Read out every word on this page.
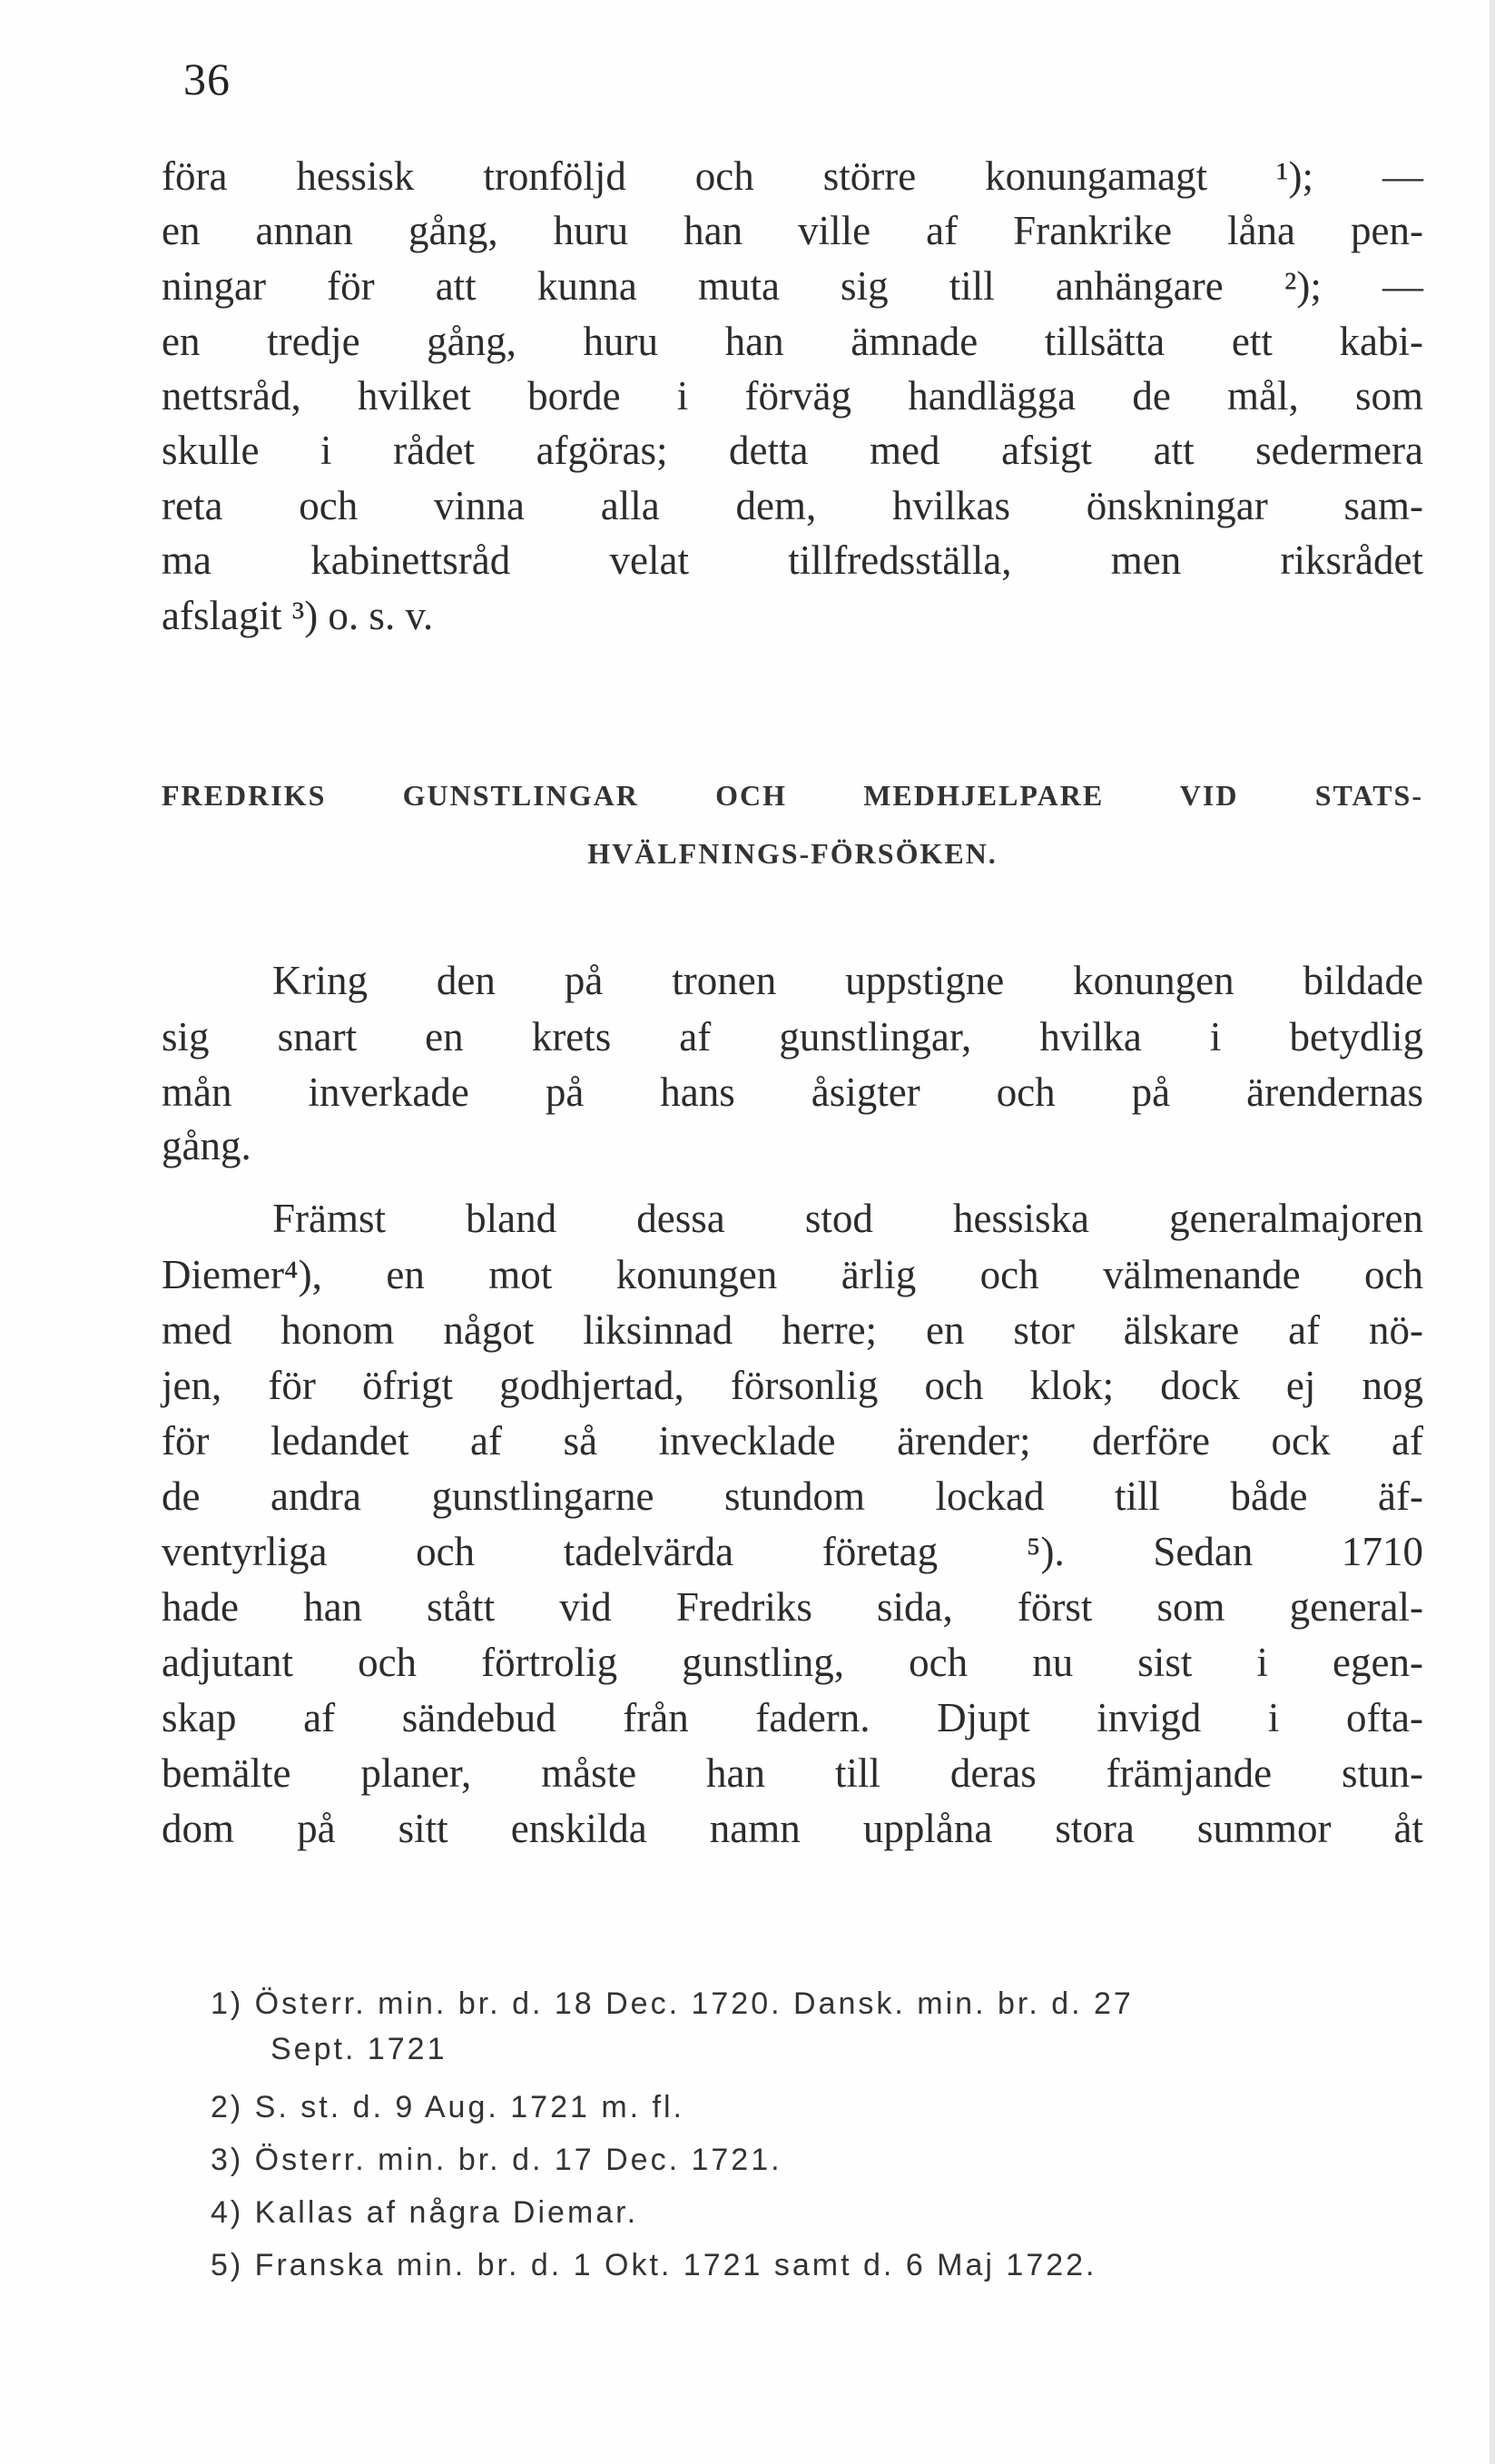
36
föra hessisk tronföljd och större konungamagt ¹); —
en annan gång, huru han ville af Frankrike låna pen-
ningar för att kunna muta sig till anhängare ²); —
en tredje gång, huru han ämnade tillsätta ett kabi-
nettsråd, hvilket borde i förväg handlägga de mål, som
skulle i rådet afgöras; detta med afsigt att sedermera
reta och vinna alla dem, hvilkas önskningar sam-
ma kabinettsråd velat tillfredsställa, men riksrådet
afslagit ³) o. s. v.
FREDRIKS GUNSTLINGAR OCH MEDHJELPARE VID STATS-
HVÄLFNINGS-FÖRSÖKEN.
Kring den på tronen uppstigne konungen bildade
sig snart en krets af gunstlingar, hvilka i betydlig
mån inverkade på hans åsigter och på ärendernas
gång.
Främst bland dessa stod hessiska generalmajoren
Diemer⁴), en mot konungen ärlig och välmenande och
med honom något liksinnad herre; en stor älskare af nö-
jen, för öfrigt godhjertad, försonlig och klok; dock ej nog
för ledandet af så invecklade ärender; derföre ock af
de andra gunstlingarne stundom lockad till både äf-
ventyrliga och tadelvärda företag ⁵). Sedan 1710
hade han stått vid Fredriks sida, först som general-
adjutant och förtrolig gunstling, och nu sist i egen-
skap af sändebud från fadern. Djupt invigd i ofta-
bemälte planer, måste han till deras främjande stun-
dom på sitt enskilda namn upplåna stora summor åt
1) Österr. min. br. d. 18 Dec. 1720. Dansk. min. br. d. 27
Sept. 1721
2) S. st. d. 9 Aug. 1721 m. fl.
3) Österr. min. br. d. 17 Dec. 1721.
4) Kallas af några Diemar.
5) Franska min. br. d. 1 Okt. 1721 samt d. 6 Maj 1722.
